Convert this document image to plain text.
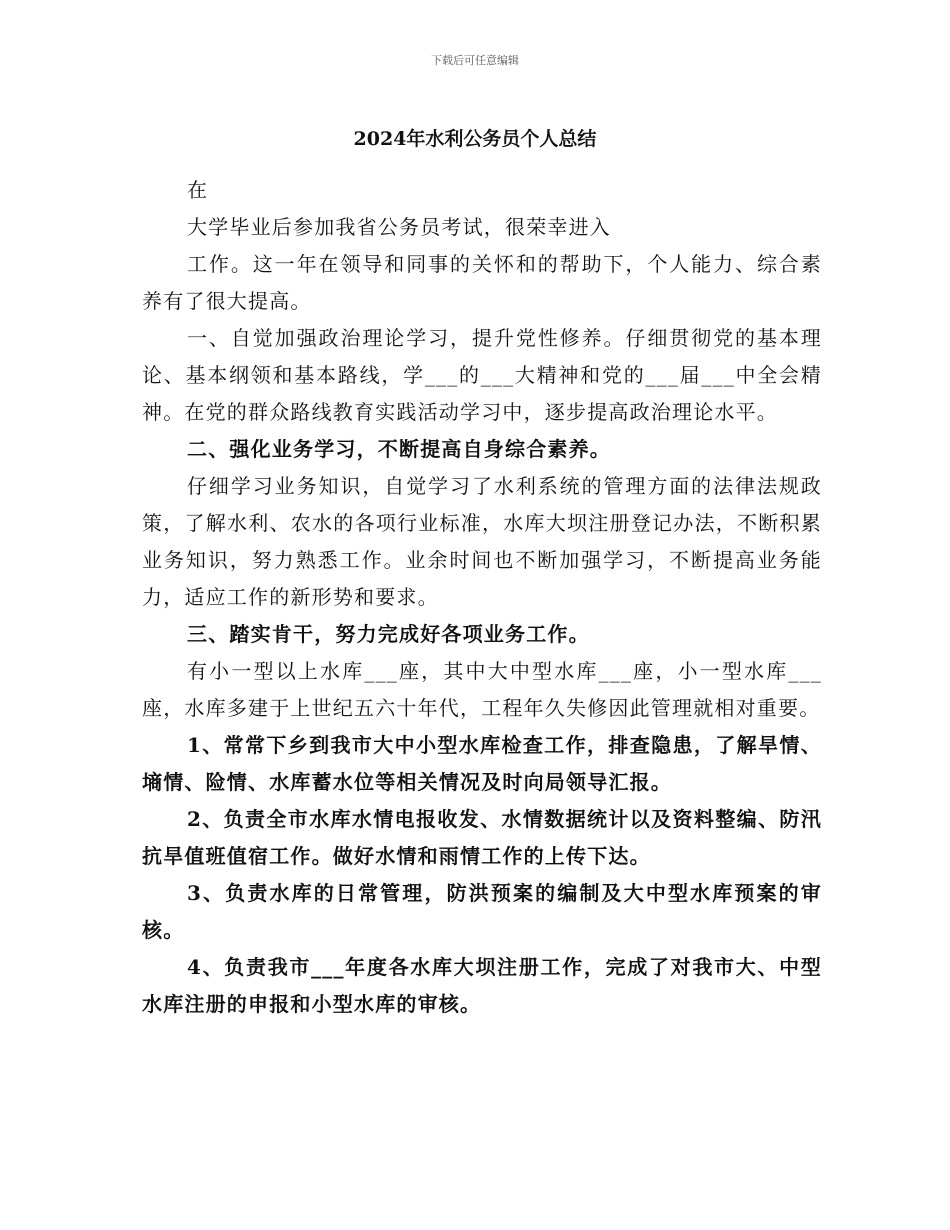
下载后可任意编辑
2024年水利公务员个人总结

在

大学毕业后参加我省公务员考试，很荣幸进入

工作。这一年在领导和同事的关怀和的帮助下，个人能力、综合素养有了很大提高。

一、自觉加强政治理论学习，提升党性修养。仔细贯彻党的基本理论、基本纲领和基本路线，学___的___大精神和党的___届___中全会精神。在党的群众路线教育实践活动学习中，逐步提高政治理论水平。

二、强化业务学习，不断提高自身综合素养。

仔细学习业务知识，自觉学习了水利系统的管理方面的法律法规政策，了解水利、农水的各项行业标准，水库大坝注册登记办法，不断积累业务知识，努力熟悉工作。业余时间也不断加强学习，不断提高业务能力，适应工作的新形势和要求。

三、踏实肯干，努力完成好各项业务工作。

有小一型以上水库___座，其中大中型水库___座，小一型水库___座，水库多建于上世纪五六十年代，工程年久失修因此管理就相对重要。

1、常常下乡到我市大中小型水库检查工作，排查隐患，了解旱情、墒情、险情、水库蓄水位等相关情况及时向局领导汇报。

2、负责全市水库水情电报收发、水情数据统计以及资料整编、防汛抗旱值班值宿工作。做好水情和雨情工作的上传下达。

3、负责水库的日常管理，防洪预案的编制及大中型水库预案的审核。

4、负责我市___年度各水库大坝注册工作，完成了对我市大、中型水库注册的申报和小型水库的审核。
